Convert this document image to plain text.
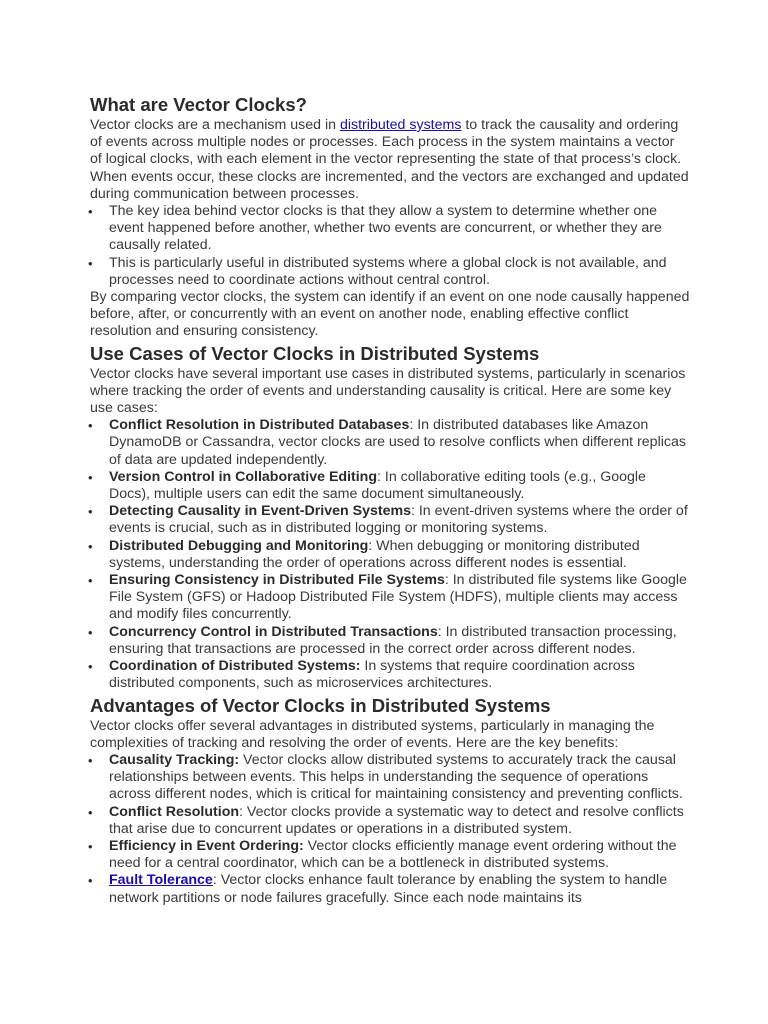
What are Vector Clocks?

Vector clocks are a mechanism used in distributed systems to track the causality and ordering of events across multiple nodes or processes. Each process in the system maintains a vector of logical clocks, with each element in the vector representing the state of that process’s clock. When events occur, these clocks are incremented, and the vectors are exchanged and updated during communication between processes.

• The key idea behind vector clocks is that they allow a system to determine whether one event happened before another, whether two events are concurrent, or whether they are causally related.
• This is particularly useful in distributed systems where a global clock is not available, and processes need to coordinate actions without central control.

By comparing vector clocks, the system can identify if an event on one node causally happened before, after, or concurrently with an event on another node, enabling effective conflict resolution and ensuring consistency.

Use Cases of Vector Clocks in Distributed Systems

Vector clocks have several important use cases in distributed systems, particularly in scenarios where tracking the order of events and understanding causality is critical. Here are some key use cases:

• Conflict Resolution in Distributed Databases: In distributed databases like Amazon DynamoDB or Cassandra, vector clocks are used to resolve conflicts when different replicas of data are updated independently.
• Version Control in Collaborative Editing: In collaborative editing tools (e.g., Google Docs), multiple users can edit the same document simultaneously.
• Detecting Causality in Event-Driven Systems: In event-driven systems where the order of events is crucial, such as in distributed logging or monitoring systems.
• Distributed Debugging and Monitoring: When debugging or monitoring distributed systems, understanding the order of operations across different nodes is essential.
• Ensuring Consistency in Distributed File Systems: In distributed file systems like Google File System (GFS) or Hadoop Distributed File System (HDFS), multiple clients may access and modify files concurrently.
• Concurrency Control in Distributed Transactions: In distributed transaction processing, ensuring that transactions are processed in the correct order across different nodes.
• Coordination of Distributed Systems: In systems that require coordination across distributed components, such as microservices architectures.
Advantages of Vector Clocks in Distributed Systems

Vector clocks offer several advantages in distributed systems, particularly in managing the complexities of tracking and resolving the order of events. Here are the key benefits:

• Causality Tracking: Vector clocks allow distributed systems to accurately track the causal relationships between events. This helps in understanding the sequence of operations across different nodes, which is critical for maintaining consistency and preventing conflicts.
• Conflict Resolution: Vector clocks provide a systematic way to detect and resolve conflicts that arise due to concurrent updates or operations in a distributed system.
• Efficiency in Event Ordering: Vector clocks efficiently manage event ordering without the need for a central coordinator, which can be a bottleneck in distributed systems.
• Fault Tolerance: Vector clocks enhance fault tolerance by enabling the system to handle network partitions or node failures gracefully. Since each node maintains its
